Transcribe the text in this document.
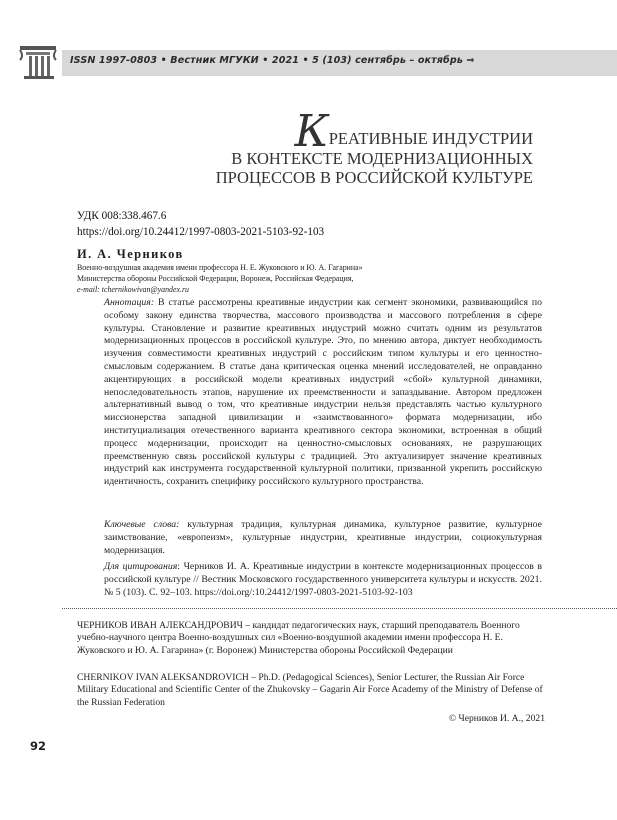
ISSN 1997-0803 • Вестник МГУКИ • 2021 • 5 (103) сентябрь – октябрь ⇒
КРЕАТИВНЫЕ ИНДУСТРИИ
В КОНТЕКСТЕ МОДЕРНИЗАЦИОННЫХ
ПРОЦЕССОВ В РОССИЙСКОЙ КУЛЬТУРЕ
УДК 008:338.467.6
https://doi.org/10.24412/1997-0803-2021-5103-92-103
И. А. Черников
Военно-воздушная академия имени профессора Н. Е. Жуковского и Ю. А. Гагарина»
Министерства обороны Российской Федерации, Воронеж, Российская Федерация,
e-mail: tchernikowivan@yandex.ru
Аннотация: В статье рассмотрены креативные индустрии как сегмент экономики, развивающийся по особому закону единства творчества, массового производства и массового потребления в сфере культуры. Становление и развитие креативных индустрий можно считать одним из результатов модернизационных процессов в российской культуре. Это, по мнению автора, диктует необходимость изучения совместимости креативных индустрий с российским типом культуры и его ценностно-смысловым содержанием. В статье дана критическая оценка мнений исследователей, не оправданно акцентирующих в российской модели креативных индустрий «сбой» культурной динамики, непоследовательность этапов, нарушение их преемственности и запаздывание. Автором предложен альтернативный вывод о том, что креативные индустрии нельзя представлять частью культурного миссионерства западной цивилизации и «заимствованного» формата модернизации, ибо институциализация отечественного варианта креативного сектора экономики, встроенная в общий процесс модернизации, происходит на ценностно-смысловых основаниях, не разрушающих преемственную связь российской культуры с традицией. Это актуализирует значение креативных индустрий как инструмента государственной культурной политики, призванной укрепить российскую идентичность, сохранить специфику российского культурного пространства.
Ключевые слова: культурная традиция, культурная динамика, культурное развитие, культурное заимствование, «европеизм», культурные индустрии, креативные индустрии, социокультурная модернизация.
Для цитирования: Черников И. А. Креативные индустрии в контексте модернизационных процессов в российской культуре // Вестник Московского государственного университета культуры и искусств. 2021. № 5 (103). С. 92–103. https://doi.org/:10.24412/1997-0803-2021-5103-92-103
ЧЕРНИКОВ ИВАН АЛЕКСАНДРОВИЧ – кандидат педагогических наук, старший преподаватель Военного учебно-научного центра Военно-воздушных сил «Военно-воздушной академии имени профессора Н. Е. Жуковского и Ю. А. Гагарина» (г. Воронеж) Министерства обороны Российской Федерации
CHERNIKOV IVAN ALEKSANDROVICH – Ph.D. (Pedagogical Sciences), Senior Lecturer, the Russian Air Force Military Educational and Scientific Center of the Zhukovsky – Gagarin Air Force Academy of the Ministry of Defense of the Russian Federation
© Черников И. А., 2021
92
